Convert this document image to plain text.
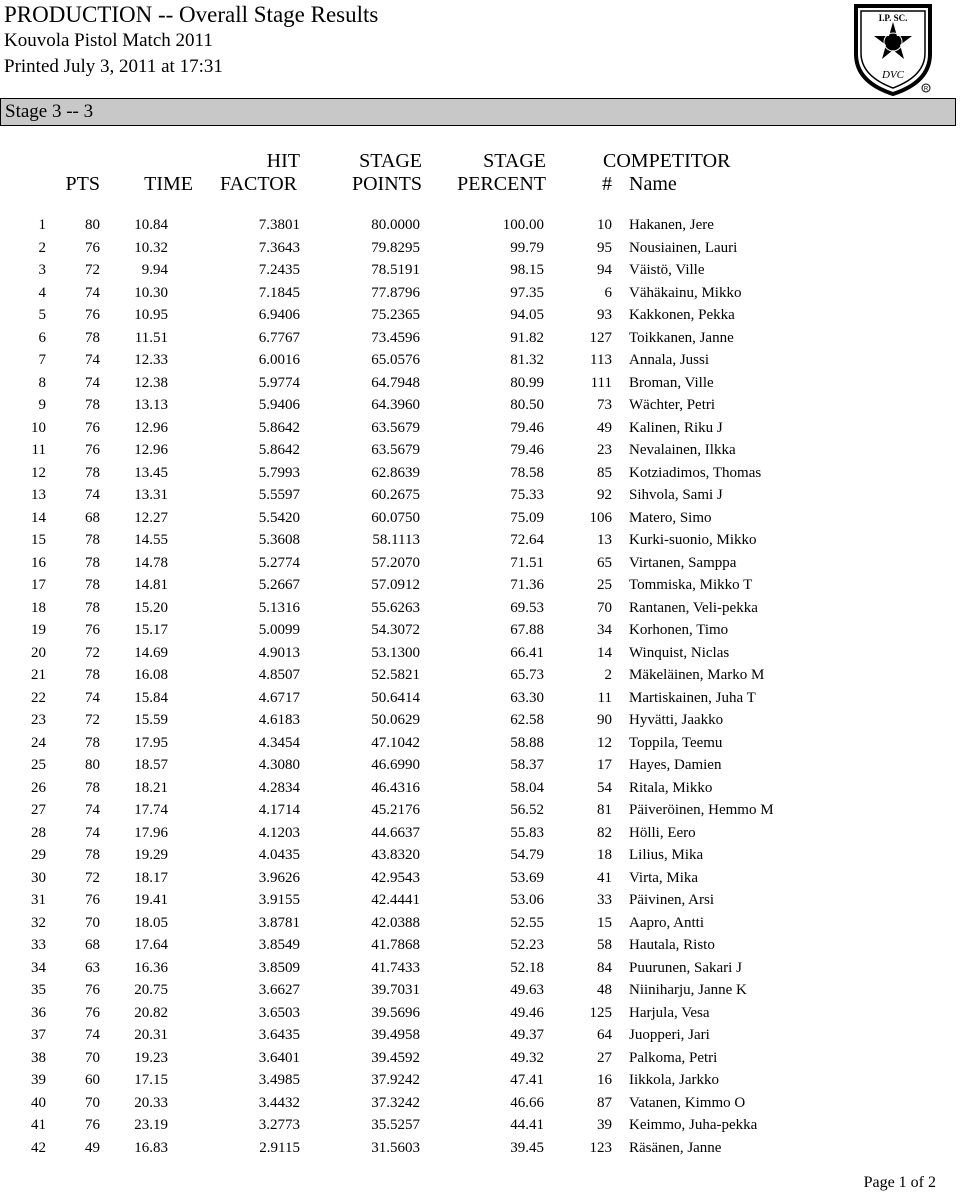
PRODUCTION -- Overall Stage Results
Kouvola Pistol Match 2011
Printed July 3, 2011 at 17:31
I.P. SC.
DVC
R
Stage 3 -- 3
HIT	STAGE	STAGE	COMPETITOR
PTS	TIME	FACTOR	POINTS	PERCENT	# Name
1	80	10.84	7.3801	80.0000	100.00	10 Hakanen, Jere
2	76	10.32	7.3643	79.8295	99.79	95 Nousiainen, Lauri
3	72	9.94	7.2435	78.5191	98.15	94 Väistö, Ville
4	74	10.30	7.1845	77.8796	97.35	6 Vähäkainu, Mikko
5	76	10.95	6.9406	75.2365	94.05	93 Kakkonen, Pekka
6	78	11.51	6.7767	73.4596	91.82	127 Toikkanen, Janne
7	74	12.33	6.0016	65.0576	81.32	113 Annala, Jussi
8	74	12.38	5.9774	64.7948	80.99	111 Broman, Ville
9	78	13.13	5.9406	64.3960	80.50	73 Wächter, Petri
10	76	12.96	5.8642	63.5679	79.46	49 Kalinen, Riku J
11	76	12.96	5.8642	63.5679	79.46	23 Nevalainen, Ilkka
12	78	13.45	5.7993	62.8639	78.58	85 Kotziadimos, Thomas
13	74	13.31	5.5597	60.2675	75.33	92 Sihvola, Sami J
14	68	12.27	5.5420	60.0750	75.09	106 Matero, Simo
15	78	14.55	5.3608	58.1113	72.64	13 Kurki-suonio, Mikko
16	78	14.78	5.2774	57.2070	71.51	65 Virtanen, Samppa
17	78	14.81	5.2667	57.0912	71.36	25 Tommiska, Mikko T
18	78	15.20	5.1316	55.6263	69.53	70 Rantanen, Veli-pekka
19	76	15.17	5.0099	54.3072	67.88	34 Korhonen, Timo
20	72	14.69	4.9013	53.1300	66.41	14 Winquist, Niclas
21	78	16.08	4.8507	52.5821	65.73	2 Mäkeläinen, Marko M
22	74	15.84	4.6717	50.6414	63.30	11 Martiskainen, Juha T
23	72	15.59	4.6183	50.0629	62.58	90 Hyvätti, Jaakko
24	78	17.95	4.3454	47.1042	58.88	12 Toppila, Teemu
25	80	18.57	4.3080	46.6990	58.37	17 Hayes, Damien
26	78	18.21	4.2834	46.4316	58.04	54 Ritala, Mikko
27	74	17.74	4.1714	45.2176	56.52	81 Päiveröinen, Hemmo M
28	74	17.96	4.1203	44.6637	55.83	82 Hölli, Eero
29	78	19.29	4.0435	43.8320	54.79	18 Lilius, Mika
30	72	18.17	3.9626	42.9543	53.69	41 Virta, Mika
31	76	19.41	3.9155	42.4441	53.06	33 Päivinen, Arsi
32	70	18.05	3.8781	42.0388	52.55	15 Aapro, Antti
33	68	17.64	3.8549	41.7868	52.23	58 Hautala, Risto
34	63	16.36	3.8509	41.7433	52.18	84 Puurunen, Sakari J
35	76	20.75	3.6627	39.7031	49.63	48 Niiniharju, Janne K
36	76	20.82	3.6503	39.5696	49.46	125 Harjula, Vesa
37	74	20.31	3.6435	39.4958	49.37	64 Juopperi, Jari
38	70	19.23	3.6401	39.4592	49.32	27 Palkoma, Petri
39	60	17.15	3.4985	37.9242	47.41	16 Iikkola, Jarkko
40	70	20.33	3.4432	37.3242	46.66	87 Vatanen, Kimmo O
41	76	23.19	3.2773	35.5257	44.41	39 Keimmo, Juha-pekka
42	49	16.83	2.9115	31.5603	39.45	123 Räsänen, Janne
Page 1 of 2
